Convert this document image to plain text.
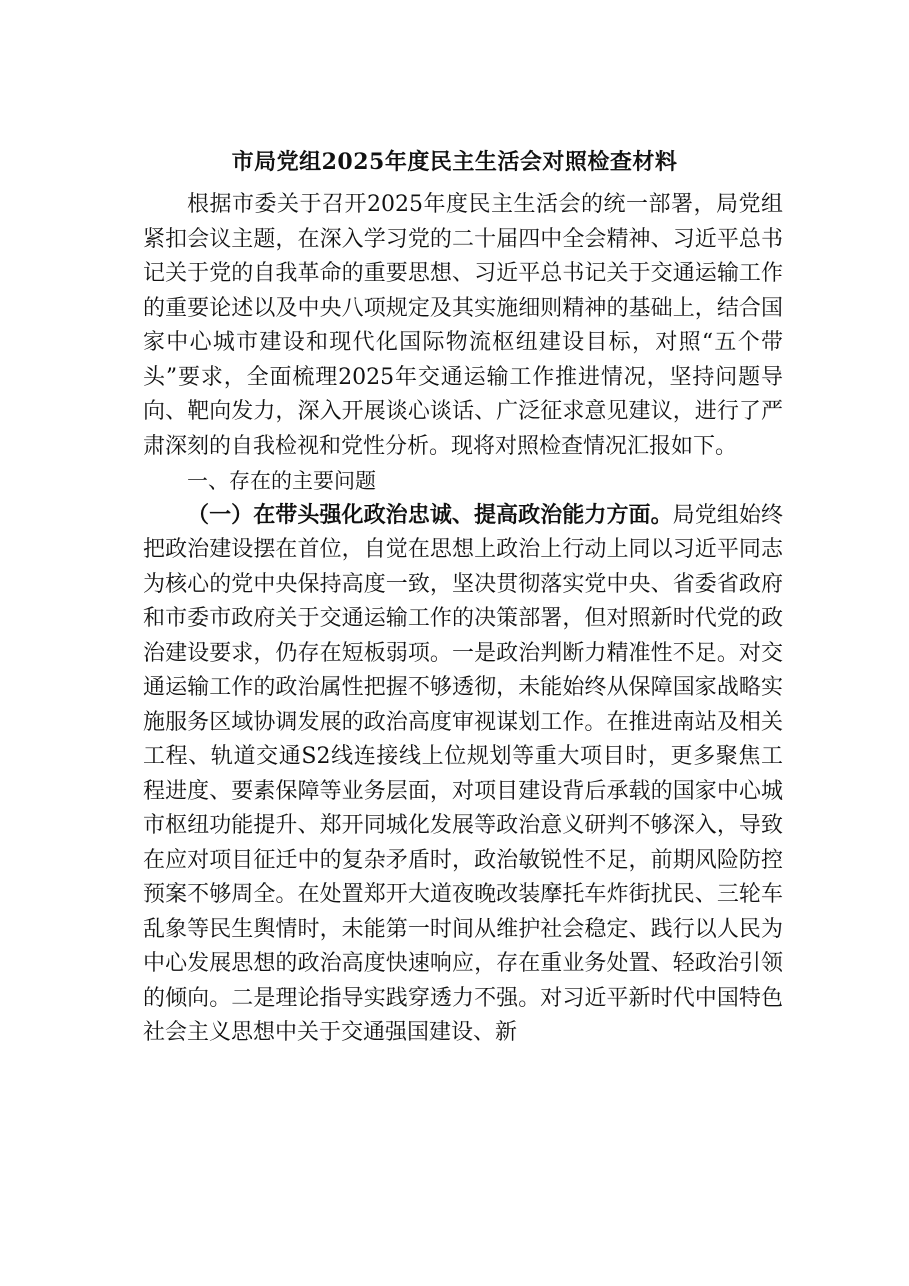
市局党组2025年度民主生活会对照检查材料

根据市委关于召开2025年度民主生活会的统一部署，局党组紧扣会议主题，在深入学习党的二十届四中全会精神、习近平总书记关于党的自我革命的重要思想、习近平总书记关于交通运输工作的重要论述以及中央八项规定及其实施细则精神的基础上，结合国家中心城市建设和现代化国际物流枢纽建设目标，对照“五个带头”要求，全面梳理2025年交通运输工作推进情况，坚持问题导向、靶向发力，深入开展谈心谈话、广泛征求意见建议，进行了严肃深刻的自我检视和党性分析。现将对照检查情况汇报如下。

一、存在的主要问题

（一）在带头强化政治忠诚、提高政治能力方面。局党组始终把政治建设摆在首位，自觉在思想上政治上行动上同以习近平同志为核心的党中央保持高度一致，坚决贯彻落实党中央、省委省政府和市委市政府关于交通运输工作的决策部署，但对照新时代党的政治建设要求，仍存在短板弱项。一是政治判断力精准性不足。对交通运输工作的政治属性把握不够透彻，未能始终从保障国家战略实施服务区域协调发展的政治高度审视谋划工作。在推进南站及相关工程、轨道交通S2线连接线上位规划等重大项目时，更多聚焦工程进度、要素保障等业务层面，对项目建设背后承载的国家中心城市枢纽功能提升、郑开同城化发展等政治意义研判不够深入，导致在应对项目征迁中的复杂矛盾时，政治敏锐性不足，前期风险防控预案不够周全。在处置郑开大道夜晚改装摩托车炸街扰民、三轮车乱象等民生舆情时，未能第一时间从维护社会稳定、践行以人民为中心发展思想的政治高度快速响应，存在重业务处置、轻政治引领的倾向。二是理论指导实践穿透力不强。对习近平新时代中国特色社会主义思想中关于交通强国建设、新
